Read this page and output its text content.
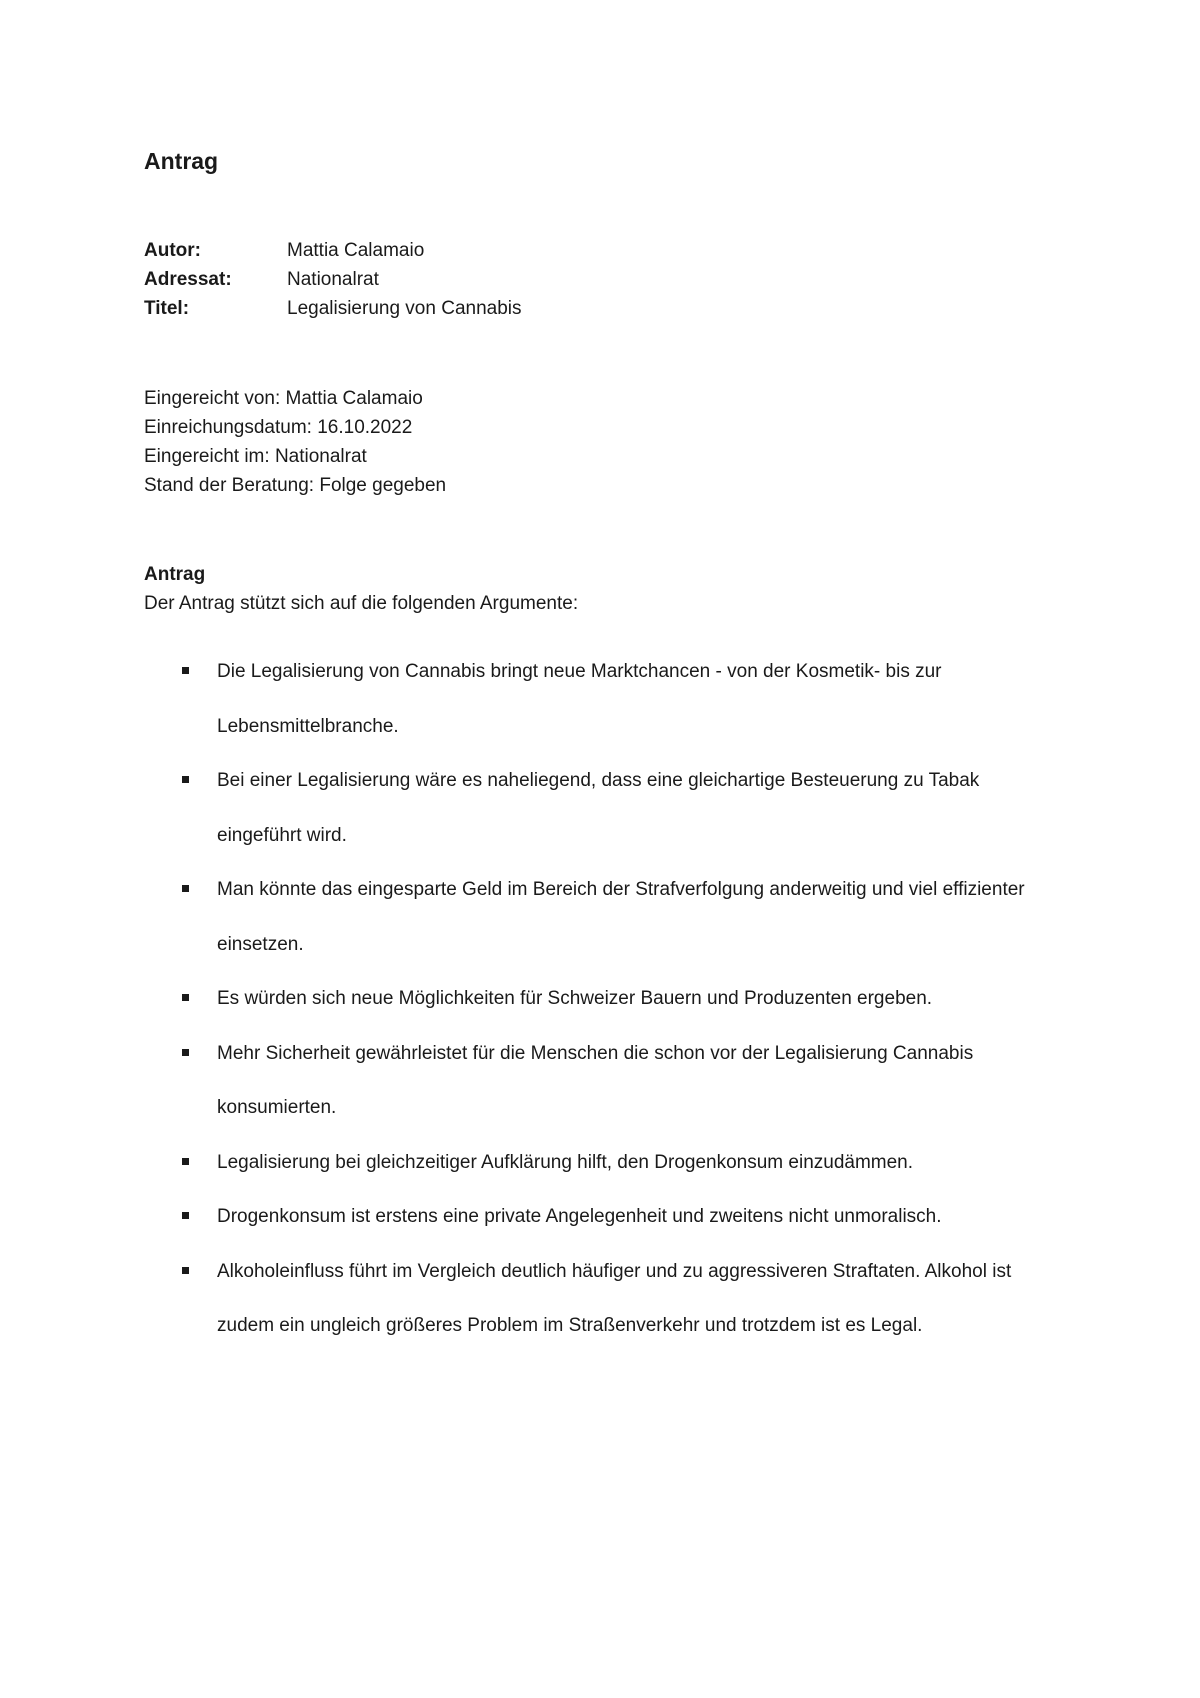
Antrag
Autor:	Mattia Calamaio
Adressat:	Nationalrat
Titel:	Legalisierung von Cannabis
Eingereicht von: Mattia Calamaio
Einreichungsdatum: 16.10.2022
Eingereicht im: Nationalrat
Stand der Beratung: Folge gegeben
Antrag
Der Antrag stützt sich auf die folgenden Argumente:
Die Legalisierung von Cannabis bringt neue Marktchancen - von der Kosmetik- bis zur Lebensmittelbranche.
Bei einer Legalisierung wäre es naheliegend, dass eine gleichartige Besteuerung zu Tabak eingeführt wird.
Man könnte das eingesparte Geld im Bereich der Strafverfolgung anderweitig und viel effizienter einsetzen.
Es würden sich neue Möglichkeiten für Schweizer Bauern und Produzenten ergeben.
Mehr Sicherheit gewährleistet für die Menschen die schon vor der Legalisierung Cannabis konsumierten.
Legalisierung bei gleichzeitiger Aufklärung hilft, den Drogenkonsum einzudämmen.
Drogenkonsum ist erstens eine private Angelegenheit und zweitens nicht unmoralisch.
Alkoholeinfluss führt im Vergleich deutlich häufiger und zu aggressiveren Straftaten. Alkohol ist zudem ein ungleich größeres Problem im Straßenverkehr und trotzdem ist es Legal.
